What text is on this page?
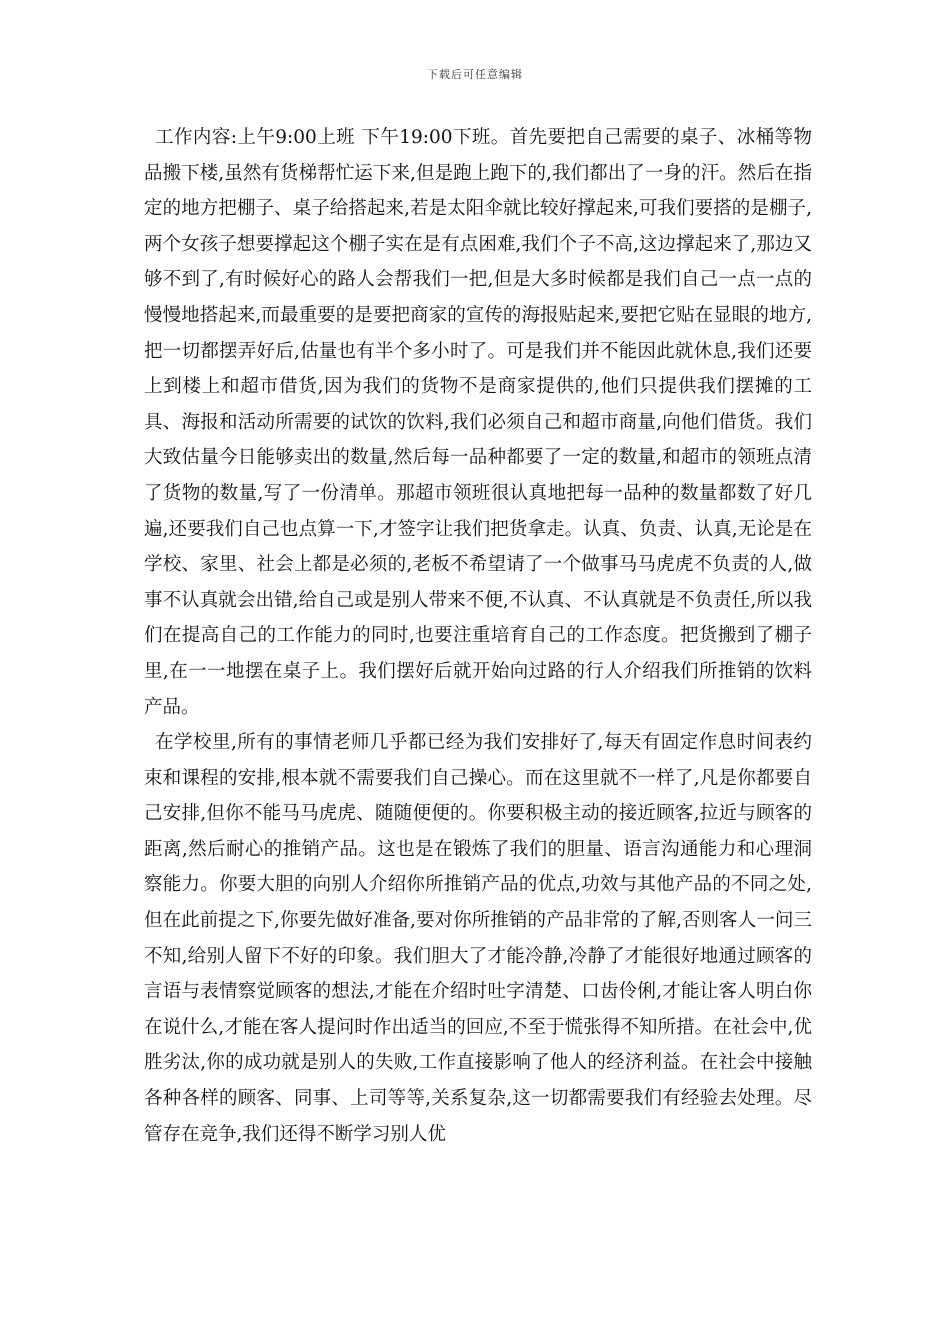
下载后可任意编辑

工作内容:上午9:00上班 下午19:00下班。首先要把自己需要的桌子、冰桶等物品搬下楼,虽然有货梯帮忙运下来,但是跑上跑下的,我们都出了一身的汗。然后在指定的地方把棚子、桌子给搭起来,若是太阳伞就比较好撑起来,可我们要搭的是棚子,两个女孩子想要撑起这个棚子实在是有点困难,我们个子不高,这边撑起来了,那边又够不到了,有时候好心的路人会帮我们一把,但是大多时候都是我们自己一点一点的慢慢地搭起来,而最重要的是要把商家的宣传的海报贴起来,要把它贴在显眼的地方,把一切都摆弄好后,估量也有半个多小时了。可是我们并不能因此就休息,我们还要上到楼上和超市借货,因为我们的货物不是商家提供的,他们只提供我们摆摊的工具、海报和活动所需要的试饮的饮料,我们必须自己和超市商量,向他们借货。我们大致估量今日能够卖出的数量,然后每一品种都要了一定的数量,和超市的领班点清了货物的数量,写了一份清单。那超市领班很认真地把每一品种的数量都数了好几遍,还要我们自己也点算一下,才签字让我们把货拿走。认真、负责、认真,无论是在学校、家里、社会上都是必须的,老板不希望请了一个做事马马虎虎不负责的人,做事不认真就会出错,给自己或是别人带来不便,不认真、不认真就是不负责任,所以我们在提高自己的工作能力的同时,也要注重培育自己的工作态度。把货搬到了棚子里,在一一地摆在桌子上。我们摆好后就开始向过路的行人介绍我们所推销的饮料产品。

在学校里,所有的事情老师几乎都已经为我们安排好了,每天有固定作息时间表约束和课程的安排,根本就不需要我们自己操心。而在这里就不一样了,凡是你都要自己安排,但你不能马马虎虎、随随便便的。你要积极主动的接近顾客,拉近与顾客的距离,然后耐心的推销产品。这也是在锻炼了我们的胆量、语言沟通能力和心理洞察能力。你要大胆的向别人介绍你所推销产品的优点,功效与其他产品的不同之处,但在此前提之下,你要先做好准备,要对你所推销的产品非常的了解,否则客人一问三不知,给别人留下不好的印象。我们胆大了才能冷静,冷静了才能很好地通过顾客的言语与表情察觉顾客的想法,才能在介绍时吐字清楚、口齿伶俐,才能让客人明白你在说什么,才能在客人提问时作出适当的回应,不至于慌张得不知所措。在社会中,优胜劣汰,你的成功就是别人的失败,工作直接影响了他人的经济利益。在社会中接触各种各样的顾客、同事、上司等等,关系复杂,这一切都需要我们有经验去处理。尽管存在竞争,我们还得不断学习别人优
